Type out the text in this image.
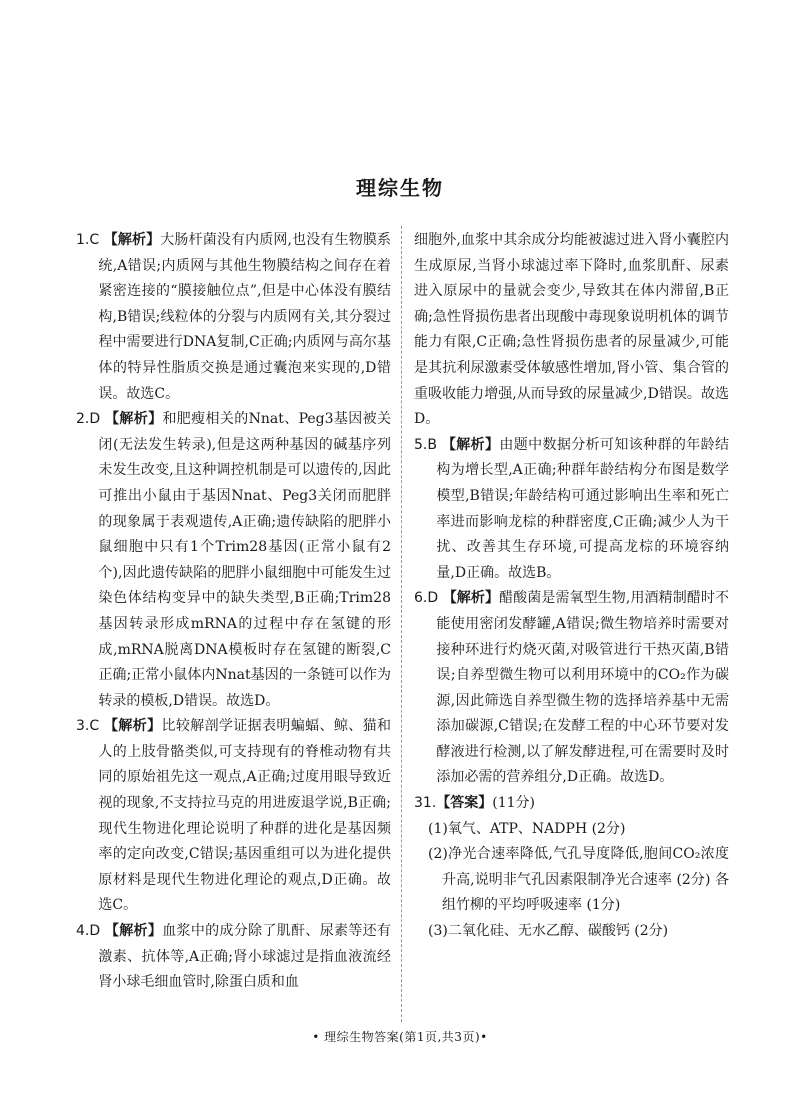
理综生物

1.C 【解析】大肠杆菌没有内质网,也没有生物膜系统,A错误;内质网与其他生物膜结构之间存在着紧密连接的“膜接触位点”,但是中心体没有膜结构,B错误;线粒体的分裂与内质网有关,其分裂过程中需要进行DNA复制,C正确;内质网与高尔基体的特异性脂质交换是通过囊泡来实现的,D错误。故选C。

2.D 【解析】和肥瘦相关的Nnat、Peg3基因被关闭(无法发生转录),但是这两种基因的碱基序列未发生改变,且这种调控机制是可以遗传的,因此可推出小鼠由于基因Nnat、Peg3关闭而肥胖的现象属于表观遗传,A正确;遗传缺陷的肥胖小鼠细胞中只有1个Trim28基因(正常小鼠有2个),因此遗传缺陷的肥胖小鼠细胞中可能发生过染色体结构变异中的缺失类型,B正确;Trim28基因转录形成mRNA的过程中存在氢键的形成,mRNA脱离DNA模板时存在氢键的断裂,C正确;正常小鼠体内Nnat基因的一条链可以作为转录的模板,D错误。故选D。

3.C 【解析】比较解剖学证据表明蝙蝠、鲸、猫和人的上肢骨骼类似,可支持现有的脊椎动物有共同的原始祖先这一观点,A正确;过度用眼导致近视的现象,不支持拉马克的用进废退学说,B正确;现代生物进化理论说明了种群的进化是基因频率的定向改变,C错误;基因重组可以为进化提供原材料是现代生物进化理论的观点,D正确。故选C。

4.D 【解析】血浆中的成分除了肌酐、尿素等还有激素、抗体等,A正确;肾小球滤过是指血液流经肾小球毛细血管时,除蛋白质和血

细胞外,血浆中其余成分均能被滤过进入肾小囊腔内生成原尿,当肾小球滤过率下降时,血浆肌酐、尿素进入原尿中的量就会变少,导致其在体内滞留,B正确;急性肾损伤患者出现酸中毒现象说明机体的调节能力有限,C正确;急性肾损伤患者的尿量减少,可能是其抗利尿激素受体敏感性增加,肾小管、集合管的重吸收能力增强,从而导致的尿量减少,D错误。故选D。

5.B 【解析】由题中数据分析可知该种群的年龄结构为增长型,A正确;种群年龄结构分布图是数学模型,B错误;年龄结构可通过影响出生率和死亡率进而影响龙棕的种群密度,C正确;减少人为干扰、改善其生存环境,可提高龙棕的环境容纳量,D正确。故选B。

6.D 【解析】醋酸菌是需氧型生物,用酒精制醋时不能使用密闭发酵罐,A错误;微生物培养时需要对接种环进行灼烧灭菌,对吸管进行干热灭菌,B错误;自养型微生物可以利用环境中的CO₂作为碳源,因此筛选自养型微生物的选择培养基中无需添加碳源,C错误;在发酵工程的中心环节要对发酵液进行检测,以了解发酵进程,可在需要时及时添加必需的营养组分,D正确。故选D。

31.【答案】(11分)

(1)氧气、ATP、NADPH (2分)

(2)净光合速率降低,气孔导度降低,胞间CO₂浓度升高,说明非气孔因素限制净光合速率 (2分) 各组竹柳的平均呼吸速率 (1分)

(3)二氧化硅、无水乙醇、碳酸钙 (2分)

• 理综生物答案(第1页,共3页)•
